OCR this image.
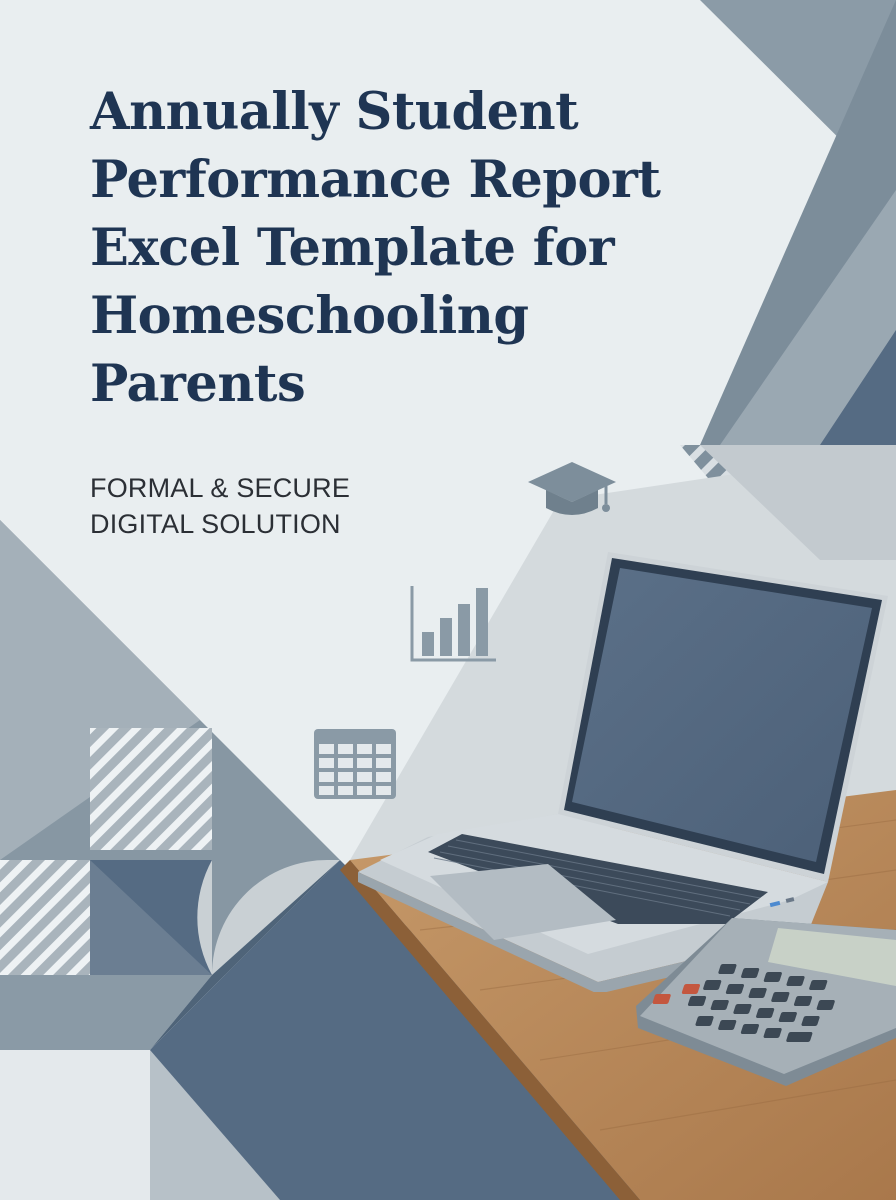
Annually Student
Performance Report
Excel Template for
Homeschooling
Parents

FORMAL & SECURE
DIGITAL SOLUTION
